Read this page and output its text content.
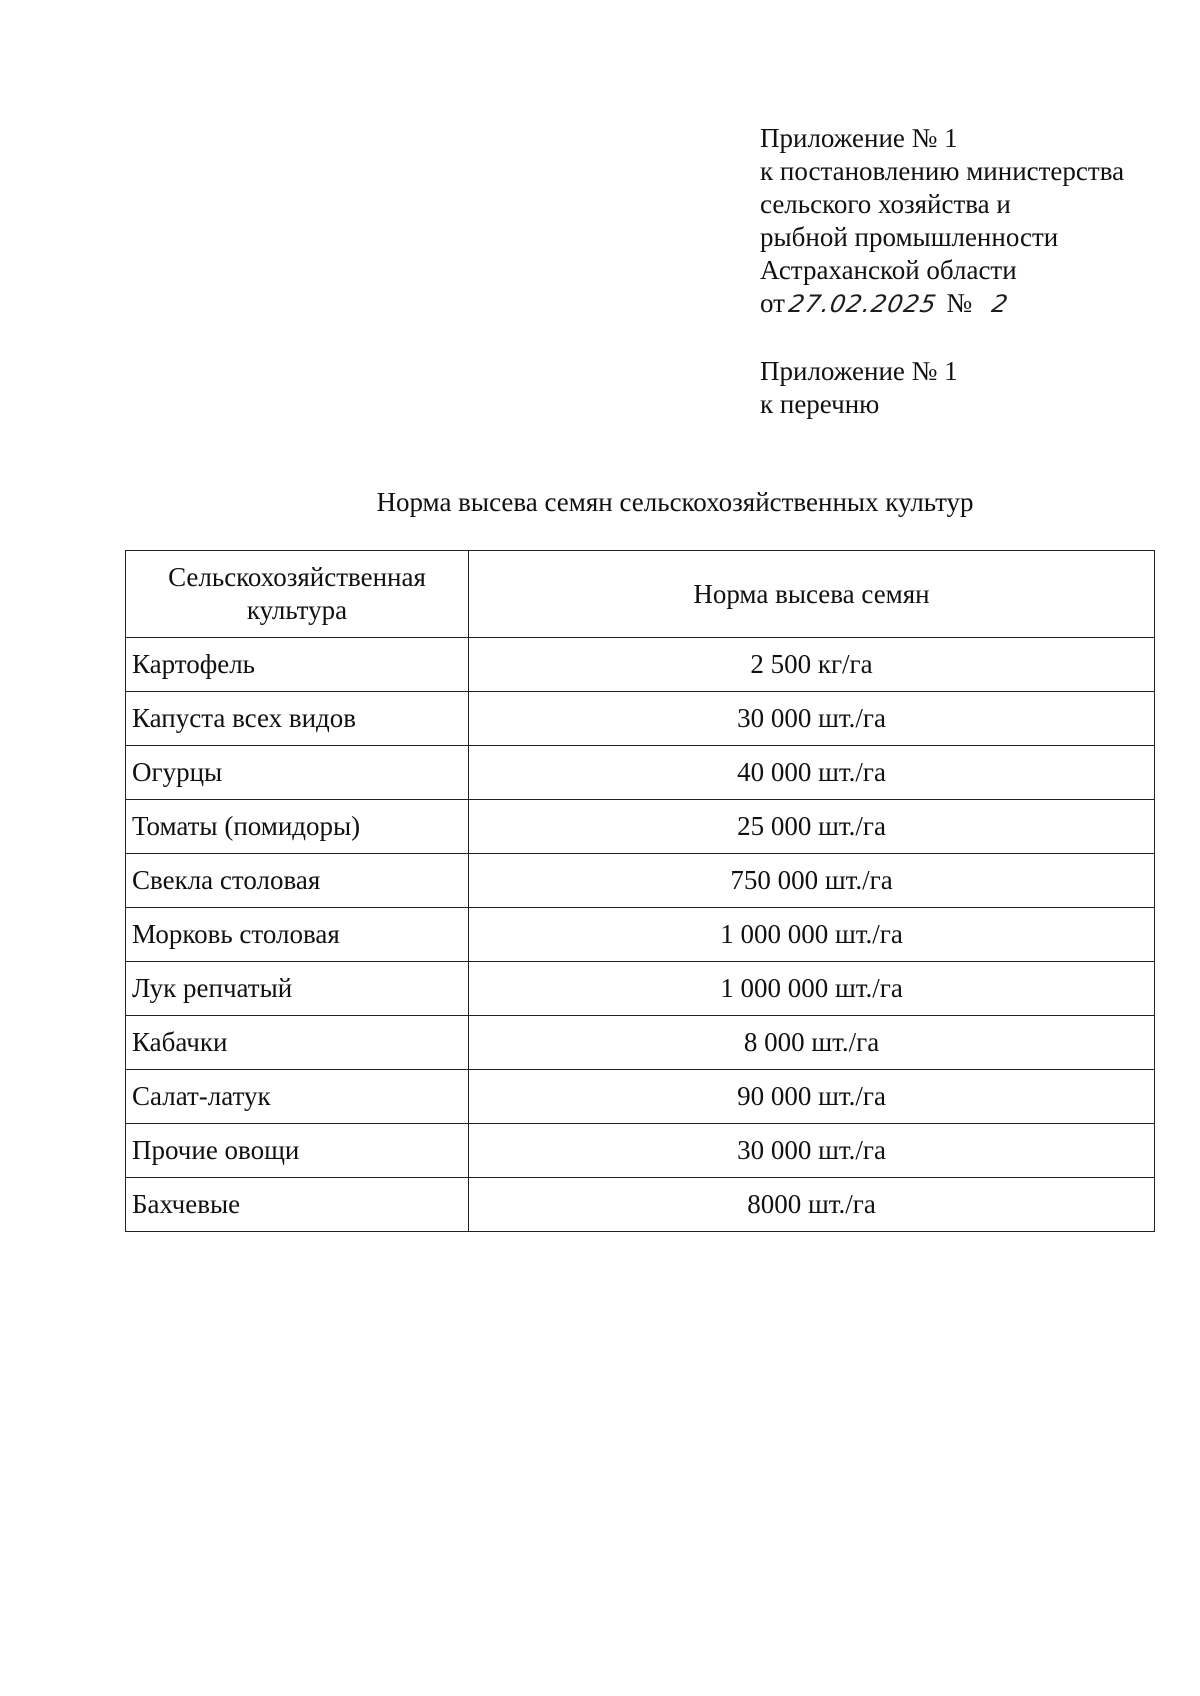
Приложение № 1
к постановлению министерства
сельского хозяйства и
рыбной промышленности
Астраханской области
от 27.02.2025 № 2
Приложение № 1
к перечню
Норма высева семян сельскохозяйственных культур
Сельскохозяйственная культура	Норма высева семян
Картофель	2 500 кг/га
Капуста всех видов	30 000 шт./га
Огурцы	40 000 шт./га
Томаты (помидоры)	25 000 шт./га
Свекла столовая	750 000 шт./га
Морковь столовая	1 000 000 шт./га
Лук репчатый	1 000 000 шт./га
Кабачки	8 000 шт./га
Салат-латук	90 000 шт./га
Прочие овощи	30 000 шт./га
Бахчевые	8000 шт./га
